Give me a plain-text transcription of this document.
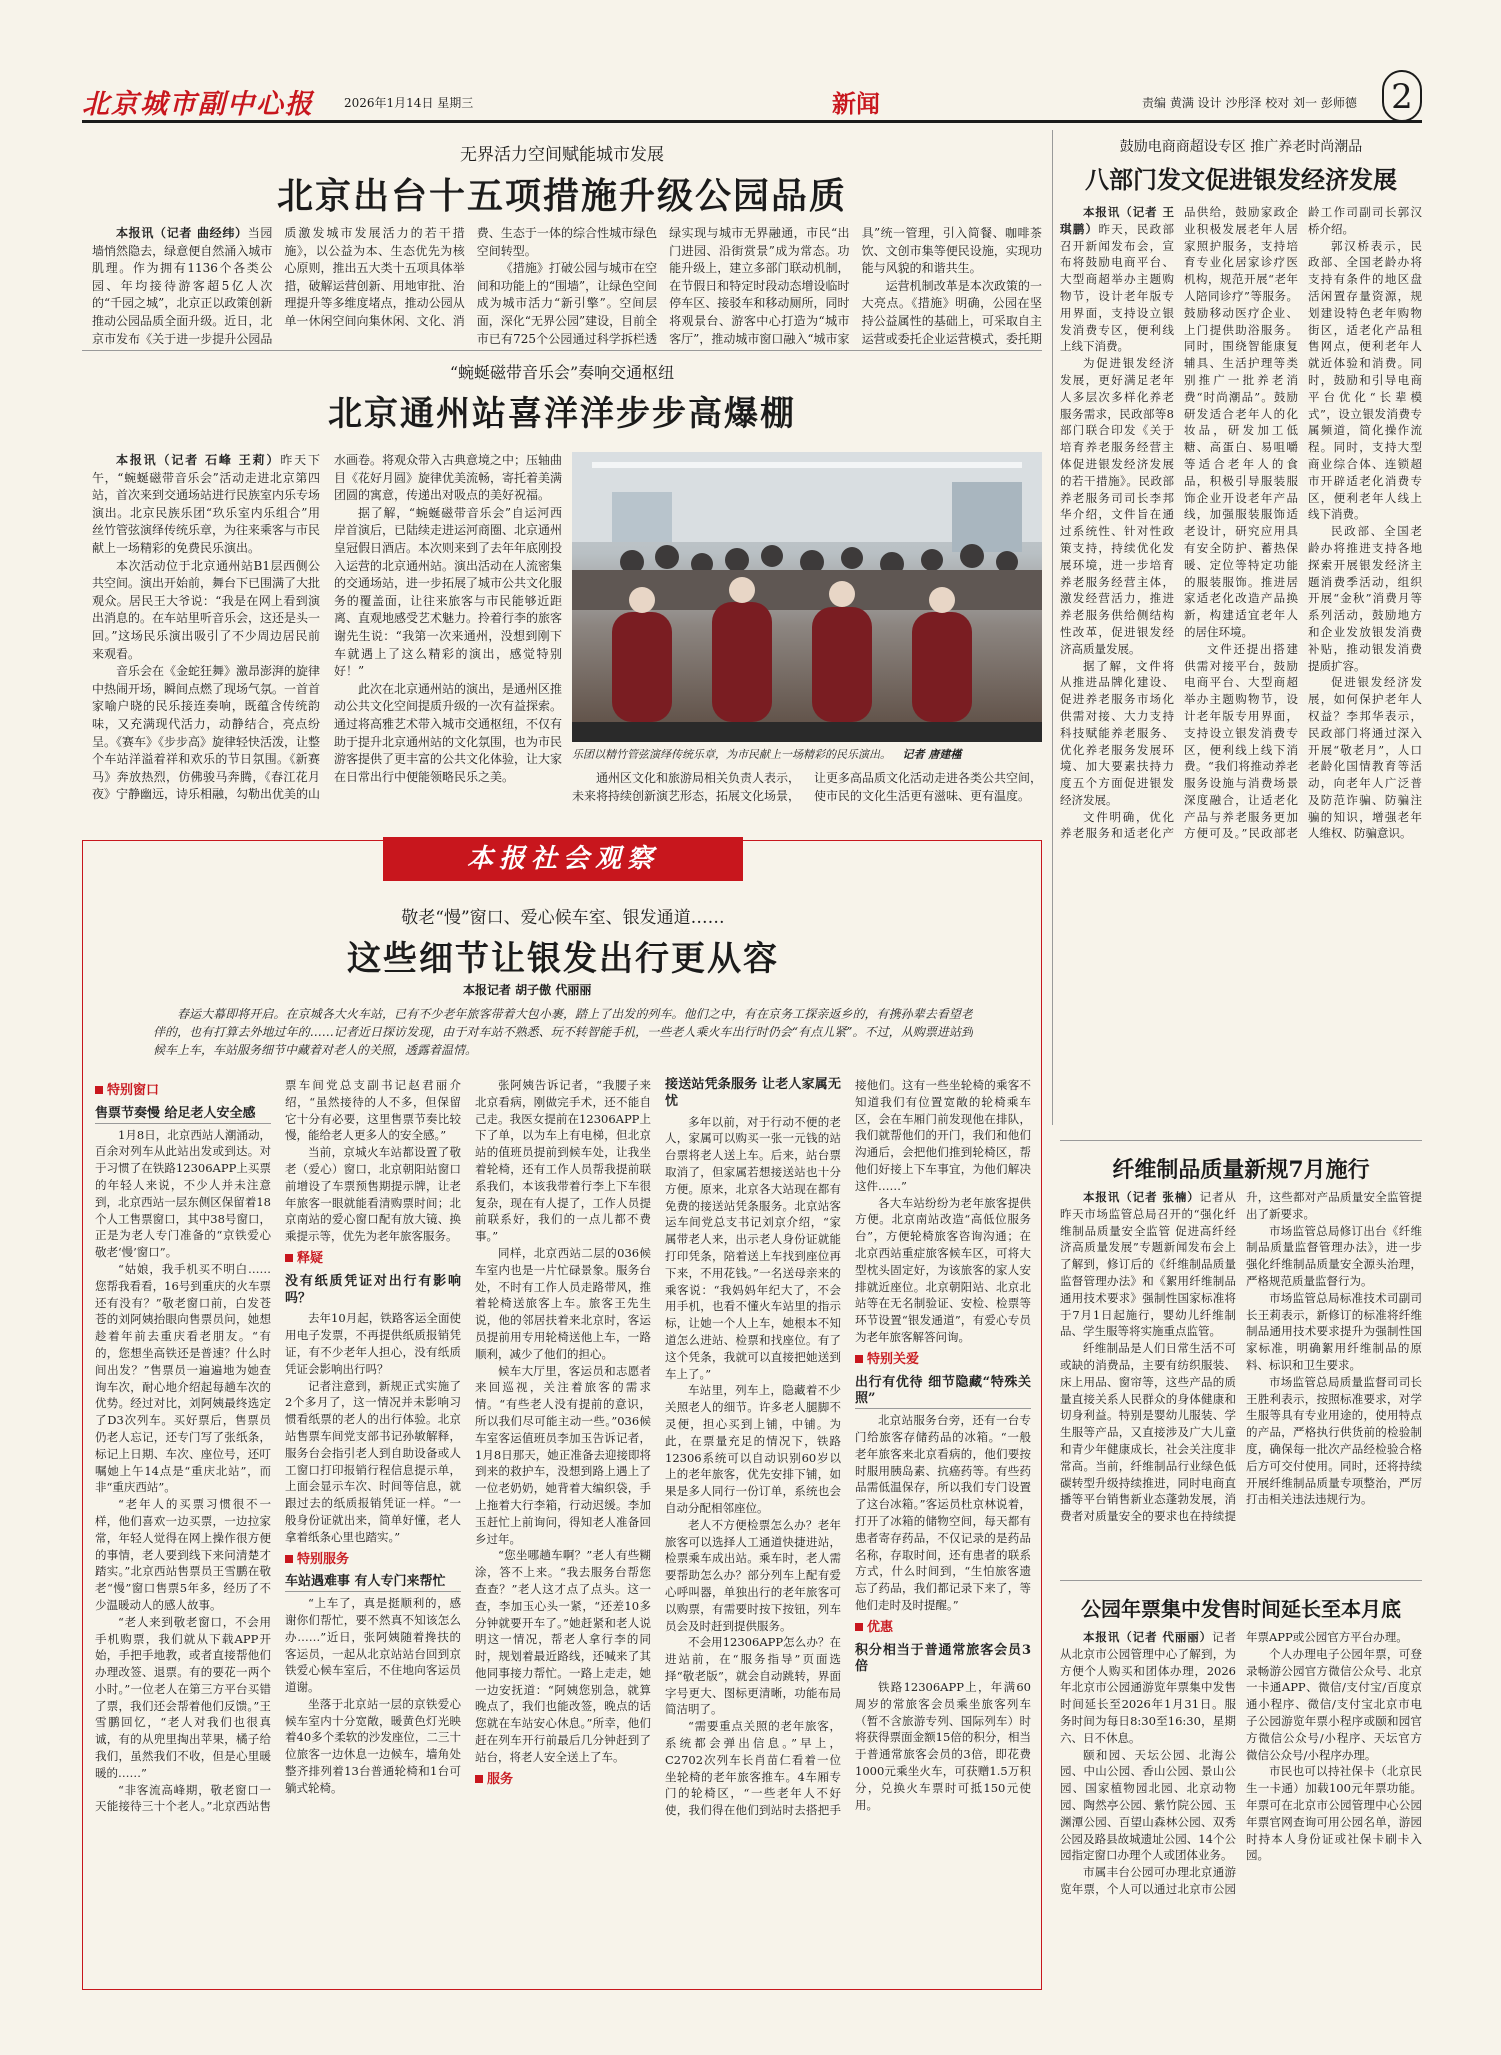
北京城市副中心报	2026年1月14日 星期三	新闻	责编 黄满 设计 沙彤泽 校对 刘一 彭师德 2
无界活力空间赋能城市发展
北京出台十五项措施升级公园品质

本报讯（记者 曲经纬）当园墙悄然隐去，绿意便自然涌入城市肌理。作为拥有1136个各类公园、年均接待游客超5亿人次的“千园之城”，北京正以政策创新推动公园品质全面升级。近日，北京市发布《关于进一步提升公园品质激发城市发展活力的若干措施》，以公益为本、生态优先为核心原则，推出五大类十五项具体举措，破解运营创新、用地审批、治理提升等多维度堵点，推动公园从单一休闲空间向集休闲、文化、消费、生态于一体的综合性城市绿色空间转型。

《措施》打破公园与城市在空间和功能上的“围墙”，让绿色空间成为城市活力“新引擎”。空间层面，深化“无界公园”建设，目前全市已有725个公园通过科学拆栏透绿实现与城市无界融通，市民“出门进园、沿街赏景”成为常态。功能升级上，建立多部门联动机制，在节假日和特定时段动态增设临时停车区、接驳车和移动厕所，同时将观景台、游客中心打造为“城市客厅”，推动城市窗口融入“城市家具”统一管理，引入简餐、咖啡茶饮、文创市集等便民设施，实现功能与风貌的和谐共生。

运营机制改革是本次政策的一大亮点。《措施》明确，公园在坚持公益属性的基础上，可采取自主运营或委托企业运营模式，委托期

“蜿蜒磁带音乐会”奏响交通枢纽
北京通州站喜洋洋步步高爆棚

本报讯（记者 石峰 王莉）昨天下午，“蜿蜒磁带音乐会”活动走进北京第四站，首次来到交通场站进行民族室内乐专场演出。北京民族乐团“玖乐室内乐组合”用丝竹管弦演绎传统乐章，为往来乘客与市民献上一场精彩的免费民乐演出。

本次活动位于北京通州站B1层西侧公共空间。演出开始前，舞台下已围满了大批观众。居民王大爷说：“我是在网上看到演出消息的。在车站里听音乐会，这还是头一回。”这场民乐演出吸引了不少周边居民前来观看。

音乐会在《金蛇狂舞》激昂澎湃的旋律中热闹开场，瞬间点燃了现场气氛。一首首家喻户晓的民乐接连奏响，既蕴含传统韵味，又充满现代活力，动静结合，亮点纷呈。《赛车》《步步高》旋律轻快活泼，让整个车站洋溢着祥和欢乐的节日氛围。《新赛马》奔放热烈，仿佛骏马奔腾，《春江花月夜》宁静幽远，诗乐相融，勾勒出优美的山水画卷。将观众带入古典意境之中；压轴曲目《花好月圆》旋律优美流畅，寄托着美满团圆的寓意，传递出对吸点的美好祝福。

据了解，“蜿蜒磁带音乐会”自运河西岸首演后，已陆续走进运河商圈、北京通州皇冠假日酒店。本次则来到了去年年底刚投入运营的北京通州站。演出活动在人流密集的交通场站，进一步拓展了城市公共文化服务的覆盖面，让往来旅客与市民能够近距离、直观地感受艺术魅力。拎着行李的旅客谢先生说：“我第一次来通州，没想到刚下车就遇上了这么精彩的演出，感觉特别好！”

此次在北京通州站的演出，是通州区推动公共文化空间提质升级的一次有益探索。通过将高雅艺术带入城市交通枢纽，不仅有助于提升北京通州站的文化氛围，也为市民游客提供了更丰富的公共文化体验，让大家在日常出行中便能领略民乐之美。

乐团以精竹管弦演绎传统乐章，为市民献上一场精彩的民乐演出。 记者 唐建槿

通州区文化和旅游局相关负责人表示，未来将持续创新演艺形态，拓展文化场景，让更多高品质文化活动走进各类公共空间，使市民的文化生活更有滋味、更有温度。

鼓励电商商超设专区 推广养老时尚潮品
八部门发文促进银发经济发展

本报讯（记者 王琪鹏）昨天，民政部召开新闻发布会，宣布将鼓励电商平台、大型商超举办主题购物节，设计老年版专用界面，支持设立银发消费专区，便利线上线下消费。

为促进银发经济发展，更好满足老年人多层次多样化养老服务需求，民政部等8部门联合印发《关于培育养老服务经营主体促进银发经济发展的若干措施》。民政部养老服务司司长李邦华介绍，文件旨在通过系统性、针对性政策支持，持续优化发展环境，进一步培育养老服务经营主体，激发经营活力，推进养老服务供给侧结构性改革，促进银发经济高质量发展。

据了解，文件将从推进品牌化建设、促进养老服务市场化供需对接、大力支持科技赋能养老服务、优化养老服务发展环境、加大要素扶持力度五个方面促进银发经济发展。

文件明确，优化养老服务和适老化产品供给，鼓励家政企业积极发展老年人居家照护服务，支持培育专业化居家诊疗医机构，规范开展“老年人陪同诊疗”等服务。鼓励移动医疗企业、上门提供助浴服务。同时，围绕智能康复辅具、生活护理等类别推广一批养老消费“时尚潮品”。鼓励研发适合老年人的化妆品，研发加工低糖、高蛋白、易咀嚼等适合老年人的食品，积极引导服装服饰企业开设老年产品线，加强服装服饰适老设计，研究应用具有安全防护、蓄热保暖、定位等特定功能的服装服饰。推进居家适老化改造产品换新，构建适宜老年人的居住环境。

文件还提出搭建供需对接平台，鼓励电商平台、大型商超举办主题购物节，设计老年版专用界面，支持设立银发消费专区，便利线上线下消费。“我们将推动养老服务设施与消费场景深度融合，让适老化产品与养老服务更加方便可及。”民政部老龄工作司副司长郭汉桥介绍。

郭汉桥表示，民政部、全国老龄办将支持有条件的地区盘活闲置存量资源，规划建设特色老年购物街区，适老化产品租售网点，便利老年人就近体验和消费。同时，鼓励和引导电商平台优化“长辈模式”，设立银发消费专属频道，简化操作流程。同时，支持大型商业综合体、连锁超市开辟适老化消费专区，便利老年人线上线下消费。

民政部、全国老龄办将推进支持各地探索开展银发经济主题消费季活动，组织开展“金秋”消费月等系列活动，鼓励地方和企业发放银发消费补贴，推动银发消费提质扩容。

促进银发经济发展，如何保护老年人权益？李邦华表示，民政部门将通过深入开展“敬老月”，人口老龄化国情教育等活动，向老年人广泛普及防范诈骗、防骗注骗的知识，增强老年人维权、防骗意识。

本报社会观察
敬老“慢”窗口、爱心候车室、银发通道……
这些细节让银发出行更从容
本报记者 胡子傲 代丽丽
春运大幕即将开启。在京城各大火车站，已有不少老年旅客带着大包小裹，踏上了出发的列车。他们之中，有在京务工探亲返乡的，有携孙辈去看望老伴的，也有打算去外地过年的……记者近日探访发现，由于对车站不熟悉、玩不转智能手机，一些老人乘火车出行时仍会“有点儿紧”。不过，从购票进站到候车上车，车站服务细节中藏着对老人的关照，透露着温情。
特别窗口
售票节奏慢 给足老人安全感

1月8日，北京西站人潮涌动，百余对列车从此站出发或到达。对于习惯了在铁路12306APP上买票的年轻人来说，不少人并未注意到，北京西站一层东侧区保留着18个人工售票窗口，其中38号窗口，正是为老人专门准备的“京铁爱心敬老‘慢’窗口”。

“姑娘，我手机买不明白……您帮我看看，16号到重庆的火车票还有没有？”敬老窗口前，白发苍苍的刘阿姨抬眼向售票员问，她想趁着年前去重庆看老朋友。“有的，您想坐高铁还是普速？什么时间出发？”售票员一遍遍地为她查询车次，耐心地介绍起每趟车次的优势。经过对比，刘阿姨最终选定了D3次列车。买好票后，售票员仍老人忘记，还专门写了张纸条，标记上日期、车次、座位号，还叮嘱她上午14点是“重庆北站”，而非“重庆西站”。

“老年人的买票习惯很不一样，他们喜欢一边买票，一边拉家常，年轻人觉得在网上操作很方便的事情，老人要到线下来问清楚才踏实。”北京西站售票员王雪鹏在敬老“慢”窗口售票5年多，经历了不少温暖动人的感人故事。

“老人来到敬老窗口，不会用手机购票，我们就从下载APP开始，手把手地教，或者直接帮他们办理改签、退票。有的要花一两个小时。”一位老人在第三方平台买错了票，我们还会帮着他们反馈。”王雪鹏回忆，“老人对我们也很真诚，有的从兜里掏出苹果，橘子给我们，虽然我们不收，但是心里暖暖的……”

“非客流高峰期，敬老窗口一天能接待三十个老人。”北京西站售票车间党总支副书记赵君丽介绍，“虽然接待的人不多，但保留它十分有必要，这里售票节奏比较慢，能给老人更多人的安全感。”

当前，京城火车站都设置了敬老（爱心）窗口，北京朝阳站窗口前增设了车票预售期提示牌，让老年旅客一眼就能看清购票时间；北京南站的爱心窗口配有放大镜、换乘提示等，优先为老年旅客服务。

释疑
没有纸质凭证对出行有影响吗？

去年10月起，铁路客运全面使用电子发票，不再提供纸质报销凭证，有不少老年人担心，没有纸质凭证会影响出行吗？

记者注意到，新规正式实施了2个多月了，这一情况并未影响习惯看纸票的老人的出行体验。北京站售票车间党支部书记孙敏解释，服务台会指引老人到自助设备或人工窗口打印报销行程信息提示单，上面会显示车次、时间等信息，就跟过去的纸质报销凭证一样。“一般身份证就出来，简单好懂，老人拿着纸条心里也踏实。”

特别服务
车站遇难事 有人专门来帮忙

“上车了，真是挺顺利的，感谢你们帮忙，要不然真不知该怎么办……”近日，张阿姨随着搀扶的客运员，一起从北京站站台回到京铁爱心候车室后，不住地向客运员道谢。

坐落于北京站一层的京铁爱心候车室内十分宽敞，暖黄色灯光映着40多个柔软的沙发座位，二三十位旅客一边休息一边候车，墙角处整齐排列着13台普通轮椅和1台可躺式轮椅。

张阿姨告诉记者，“我腰子来北京看病，刚做完手术，还不能自己走。我医女提前在12306APP上下了单，以为车上有电梯，但北京站的值班员提前到候车处，让我坐着轮椅，还有工作人员帮我提前联系我们，本该我带着行李上下车很复杂，现在有人提了，工作人员提前联系好，我们的一点儿都不费事。”

同样，北京西站二层的036候车室内也是一片忙碌景象。服务台处，不时有工作人员走路带风，推着轮椅送旅客上车。旅客王先生说，他的邻居扶着来北京时，客运员提前用专用轮椅送他上车，一路顺利，减少了他们的担心。

候车大厅里，客运员和志愿者来回巡视，关注着旅客的需求情。“有些老人没有提前的意识，所以我们尽可能主动一些。”036候车室客运值班员李加玉告诉记者，1月8日那天，她正准备去迎接即将到来的救护车，没想到路上遇上了一位老奶奶，她背着大编织袋，手上拖着大行李箱，行动迟缓。李加玉赶忙上前询问，得知老人准备回乡过年。

“您坐哪趟车啊？”老人有些糊涂，答不上来。“我去服务台帮您查查？”老人这才点了点头。这一查，李加玉心头一紧，“还差10多分钟就要开车了。”她赶紧和老人说明这一情况，帮老人拿行李的同时，规划着最近路线，还喊来了其他同事接力帮忙。一路上走走，她一边安抚道：“阿姨您别急，就算晚点了，我们也能改签，晚点的话您就在车站安心休息。”所幸，他们赶在列车开行前最后几分钟赶到了站台，将老人安全送上了车。

服务
接送站凭条服务 让老人家属无忧

多年以前，对于行动不便的老人，家属可以购买一张一元钱的站台票将老人送上车。后来，站台票取消了，但家属若想接送站也十分方便。原来，北京各大站现在都有免费的接送站凭条服务。北京站客运车间党总支书记刘京介绍，“家属带老人来，出示老人身份证就能打印凭条，陪着送上车找到座位再下来，不用花钱。”一名送母亲来的乘客说：“我妈妈年纪大了，不会用手机，也看不懂火车站里的指示标，让她一个人上车，她根本不知道怎么进站、检票和找座位。有了这个凭条，我就可以直接把她送到车上了。”

车站里，列车上，隐藏着不少关照老人的细节。许多老人腿脚不灵便，担心买到上铺，中铺。为此，在票量充足的情况下，铁路12306系统可以自动识别60岁以上的老年旅客，优先安排下铺，如果是多人同行一份订单，系统也会自动分配相邻座位。

老人不方便检票怎么办？老年旅客可以选择人工通道快捷进站，检票乘车成出站。乘车时，老人需要帮助怎么办？部分列车上配有爱心呼叫器，单独出行的老年旅客可以购票，有需要时按下按钮，列车员会及时赶到提供服务。

不会用12306APP怎么办？在进站前，在“服务指导”页面选择“敬老版”，就会自动跳转，界面字号更大、图标更清晰，功能布局简洁明了。

“需要重点关照的老年旅客，系统都会弹出信息。”早上，C2702次列车长肖苗仁看着一位坐轮椅的老年旅客推车。4车厢专门的轮椅区，“一些老年人不好使，我们得在他们到站时去搭把手接他们。这有一些坐轮椅的乘客不知道我们有位置宽敞的轮椅乘车区，会在车厢门前发现他在排队，我们就帮他们的开门，我们和他们沟通后，会把他们推到轮椅区，帮他们好接上下车事宜，为他们解决这件……”

各大车站纷纷为老年旅客提供方便。北京南站改造“高低位服务台”，方便轮椅旅客咨询沟通；在北京西站重症旅客候车区，可将大型枕头固定好，为该旅客的家人安排就近座位。北京朝阳站、北京北站等在无名制验证、安检、检票等环节设置“银发通道”，有爱心专员为老年旅客解答问询。

特别关爱
出行有优待 细节隐藏“特殊关照”

北京站服务台旁，还有一台专门给旅客存储药品的冰箱。“一般老年旅客来北京看病的，他们要按时服用胰岛素、抗癌药等。有些药品需低温保存，所以我们专门设置了这台冰箱。”客运员杜京林说着，打开了冰箱的储物空间，每天都有患者寄存药品，不仅记录的是药品名称，存取时间，还有患者的联系方式，什么时间到，“生怕旅客遗忘了药品，我们都记录下来了，等他们走时及时提醒。”

优惠
积分相当于普通常旅客会员3倍

铁路12306APP上，年满60周岁的常旅客会员乘坐旅客列车（暂不含旅游专列、国际列车）时将获得票面金额15倍的积分，相当于普通常旅客会员的3倍，即花费1000元乘坐火车，可获赠1.5万积分，兑换火车票时可抵150元使用。

纤维制品质量新规7月施行

本报讯（记者 张楠）记者从昨天市场监管总局召开的“强化纤维制品质量安全监管 促进高纤经济高质量发展”专题新闻发布会上了解到，修订后的《纤维制品质量监督管理办法》和《絮用纤维制品通用技术要求》强制性国家标准将于7月1日起施行，婴幼儿纤维制品、学生服等将实施重点监管。

纤维制品是人们日常生活不可或缺的消费品，主要有纺织服装、床上用品、窗帘等，这些产品的质量直接关系人民群众的身体健康和切身利益。特别是婴幼儿服装、学生服等产品，又直接涉及广大儿童和青少年健康成长，社会关注度非常高。当前，纤维制品行业绿色低碳转型升级持续推进，同时电商直播等平台销售新业态蓬勃发展，消费者对质量安全的要求也在持续提升，这些都对产品质量安全监管提出了新要求。

市场监管总局修订出台《纤维制品质量监督管理办法》，进一步强化纤维制品质量安全源头治理，严格规范质量监督行为。

市场监管总局标准技术司副司长王莉表示，新修订的标准将纤维制品通用技术要求提升为强制性国家标准，明确絮用纤维制品的原料、标识和卫生要求。

市场监管总局质量监督司司长王胜利表示，按照标准要求，对学生服等具有专业用途的，使用特点的产品，严格执行供货前的检验制度，确保每一批次产品经检验合格后方可交付使用。同时，还将持续开展纤维制品质量专项整治，严厉打击相关违法违规行为。

公园年票集中发售时间延长至本月底

本报讯（记者 代丽丽）记者从北京市公园管理中心了解到，为方便个人购买和团体办理，2026年北京市公园通游览年票集中发售时间延长至2026年1月31日。服务时间为每日8:30至16:30，星期六、日不休息。

颐和园、天坛公园、北海公园、中山公园、香山公园、景山公园、国家植物园北园、北京动物园、陶然亭公园、紫竹院公园、玉渊潭公园、百望山森林公园、双秀公园及路县故城遗址公园、14个公园指定窗口办理个人或团体业务。

市属丰台公园可办理北京通游览年票，个人可以通过北京市公园年票APP或公园官方平台办理。

个人办理电子公园年票，可登录畅游公园官方微信公众号、北京一卡通APP、微信/支付宝/百度京通小程序、微信/支付宝北京市电子公园游览年票小程序或颐和园官方微信公众号/小程序、天坛官方微信公众号/小程序办理。

市民也可以持社保卡（北京民生一卡通）加载100元年票功能。年票可在北京市公园管理中心公园年票官网查询可用公园名单，游园时持本人身份证或社保卡刷卡入园。
